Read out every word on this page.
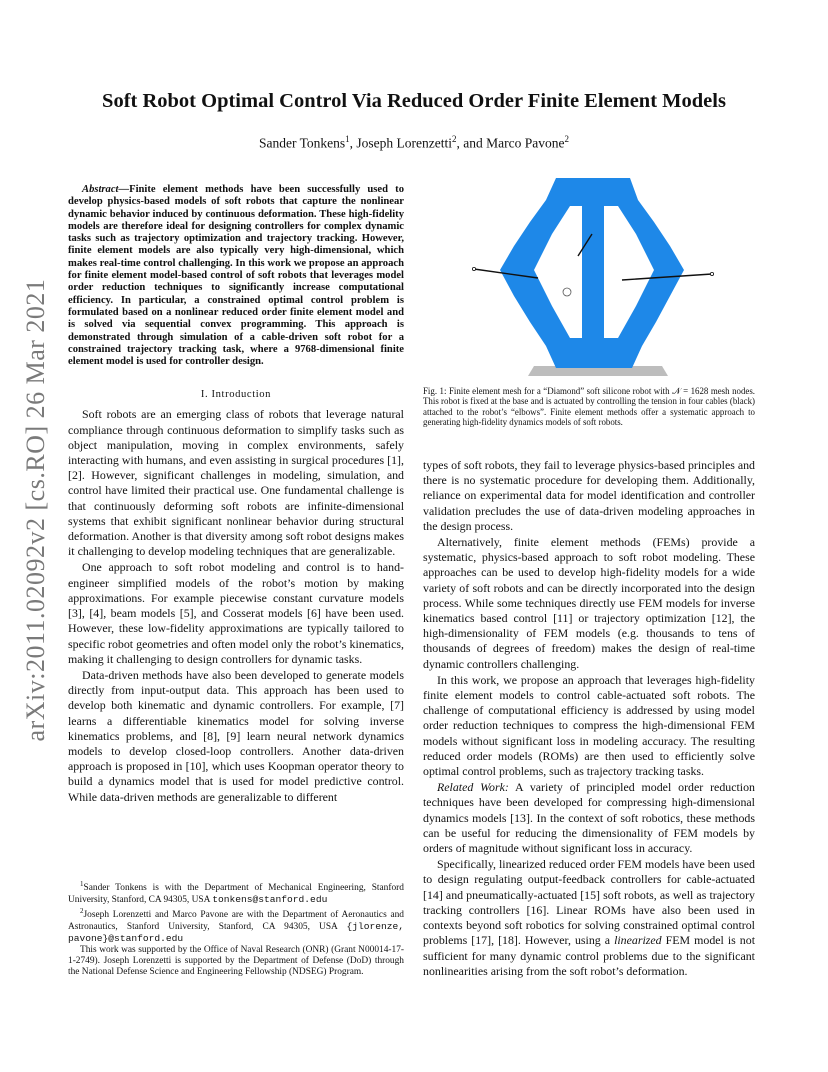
arXiv:2011.02092v2 [cs.RO] 26 Mar 2021
Soft Robot Optimal Control Via Reduced Order Finite Element Models
Sander Tonkens$^1$, Joseph Lorenzetti$^2$, and Marco Pavone$^2$

Abstract—Finite element methods have been successfully used to develop physics-based models of soft robots that capture the nonlinear dynamic behavior induced by continuous deformation. These high-fidelity models are therefore ideal for designing controllers for complex dynamic tasks such as trajectory optimization and trajectory tracking. However, finite element models are also typically very high-dimensional, which makes real-time control challenging. In this work we propose an approach for finite element model-based control of soft robots that leverages model order reduction techniques to significantly increase computational efficiency. In particular, a constrained optimal control problem is formulated based on a nonlinear reduced order finite element model and is solved via sequential convex programming. This approach is demonstrated through simulation of a cable-driven soft robot for a constrained trajectory tracking task, where a 9768-dimensional finite element model is used for controller design.

I. Introduction

Soft robots are an emerging class of robots that leverage natural compliance through continuous deformation to simplify tasks such as object manipulation, moving in complex environments, safely interacting with humans, and even assisting in surgical procedures [1], [2]. However, significant challenges in modeling, simulation, and control have limited their practical use. One fundamental challenge is that continuously deforming soft robots are infinite-dimensional systems that exhibit significant nonlinear behavior during structural deformation. Another is that diversity among soft robot designs makes it challenging to develop modeling techniques that are generalizable.

One approach to soft robot modeling and control is to hand-engineer simplified models of the robot’s motion by making approximations. For example piecewise constant curvature models [3], [4], beam models [5], and Cosserat models [6] have been used. However, these low-fidelity approximations are typically tailored to specific robot geometries and often model only the robot’s kinematics, making it challenging to design controllers for dynamic tasks.

Data-driven methods have also been developed to generate models directly from input-output data. This approach has been used to develop both kinematic and dynamic controllers. For example, [7] learns a differentiable kinematics model for solving inverse kinematics problems, and [8], [9] learn neural network dynamics models to develop closed-loop controllers. Another data-driven approach is proposed in [10], which uses Koopman operator theory to build a dynamics model that is used for model predictive control. While data-driven methods are generalizable to different

$^1$Sander Tonkens is with the Department of Mechanical Engineering, Stanford University, Stanford, CA 94305, USA tonkens@stanford.edu

$^2$Joseph Lorenzetti and Marco Pavone are with the Department of Aeronautics and Astronautics, Stanford University, Stanford, CA 94305, USA {jlorenze, pavone}@stanford.edu

This work was supported by the Office of Naval Research (ONR) (Grant N00014-17-1-2749). Joseph Lorenzetti is supported by the Department of Defense (DoD) through the National Defense Science and Engineering Fellowship (NDSEG) Program.

Fig. 1: Finite element mesh for a “Diamond” soft silicone robot with 𝒩 = 1628 mesh nodes. This robot is fixed at the base and is actuated by controlling the tension in four cables (black) attached to the robot’s “elbows”. Finite element methods offer a systematic approach to generating high-fidelity dynamics models of soft robots.

types of soft robots, they fail to leverage physics-based principles and there is no systematic procedure for developing them. Additionally, reliance on experimental data for model identification and controller validation precludes the use of data-driven modeling approaches in the design process.

Alternatively, finite element methods (FEMs) provide a systematic, physics-based approach to soft robot modeling. These approaches can be used to develop high-fidelity models for a wide variety of soft robots and can be directly incorporated into the design process. While some techniques directly use FEM models for inverse kinematics based control [11] or trajectory optimization [12], the high-dimensionality of FEM models (e.g. thousands to tens of thousands of degrees of freedom) makes the design of real-time dynamic controllers challenging.

In this work, we propose an approach that leverages high-fidelity finite element models to control cable-actuated soft robots. The challenge of computational efficiency is addressed by using model order reduction techniques to compress the high-dimensional FEM models without significant loss in modeling accuracy. The resulting reduced order models (ROMs) are then used to efficiently solve optimal control problems, such as trajectory tracking tasks.

Related Work: A variety of principled model order reduction techniques have been developed for compressing high-dimensional dynamics models [13]. In the context of soft robotics, these methods can be useful for reducing the dimensionality of FEM models by orders of magnitude without significant loss in accuracy.

Specifically, linearized reduced order FEM models have been used to design regulating output-feedback controllers for cable-actuated [14] and pneumatically-actuated [15] soft robots, as well as trajectory tracking controllers [16]. Linear ROMs have also been used in contexts beyond soft robotics for solving constrained optimal control problems [17], [18]. However, using a linearized FEM model is not sufficient for many dynamic control problems due to the significant nonlinearities arising from the soft robot’s deformation.
